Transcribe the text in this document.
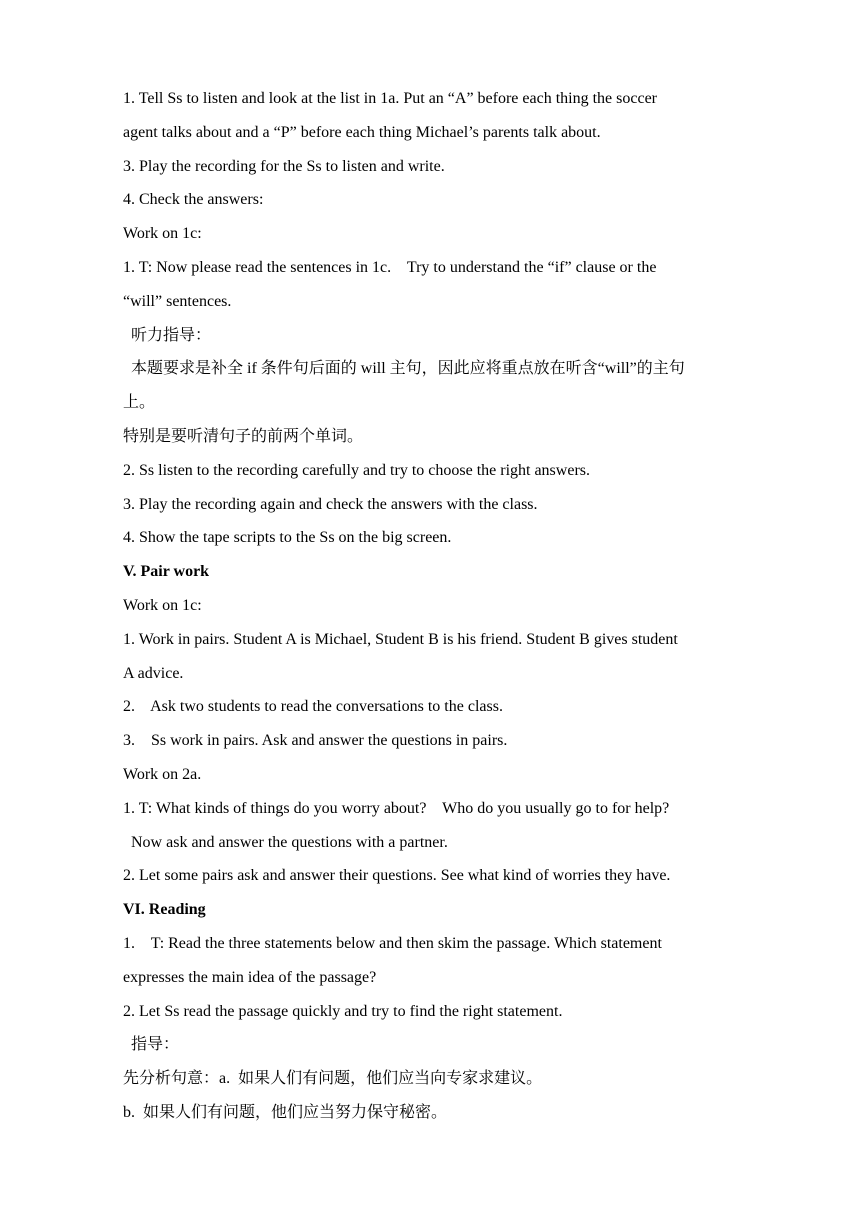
1. Tell Ss to listen and look at the list in 1a. Put an “A” before each thing the soccer
agent talks about and a “P” before each thing Michael’s parents talk about.
3. Play the recording for the Ss to listen and write.
4. Check the answers:
Work on 1c:
1. T: Now please read the sentences in 1c.    Try to understand the “if” clause or the
“will” sentences.
听力指导：
本题要求是补全 if 条件句后面的 will 主句，因此应将重点放在听含“will”的主句
上。
特别是要听清句子的前两个单词。
2. Ss listen to the recording carefully and try to choose the right answers.
3. Play the recording again and check the answers with the class.
4. Show the tape scripts to the Ss on the big screen.
V. Pair work
Work on 1c:
1. Work in pairs. Student A is Michael, Student B is his friend. Student B gives student
A advice.
2.    Ask two students to read the conversations to the class.
3.    Ss work in pairs. Ask and answer the questions in pairs.
Work on 2a.
1. T: What kinds of things do you worry about?    Who do you usually go to for help?
Now ask and answer the questions with a partner.
2. Let some pairs ask and answer their questions. See what kind of worries they have.
VI. Reading
1.    T: Read the three statements below and then skim the passage. Which statement
expresses the main idea of the passage?
2. Let Ss read the passage quickly and try to find the right statement.
指导：
先分析句意：a.  如果人们有问题，他们应当向专家求建议。
b.  如果人们有问题，他们应当努力保守秘密。
